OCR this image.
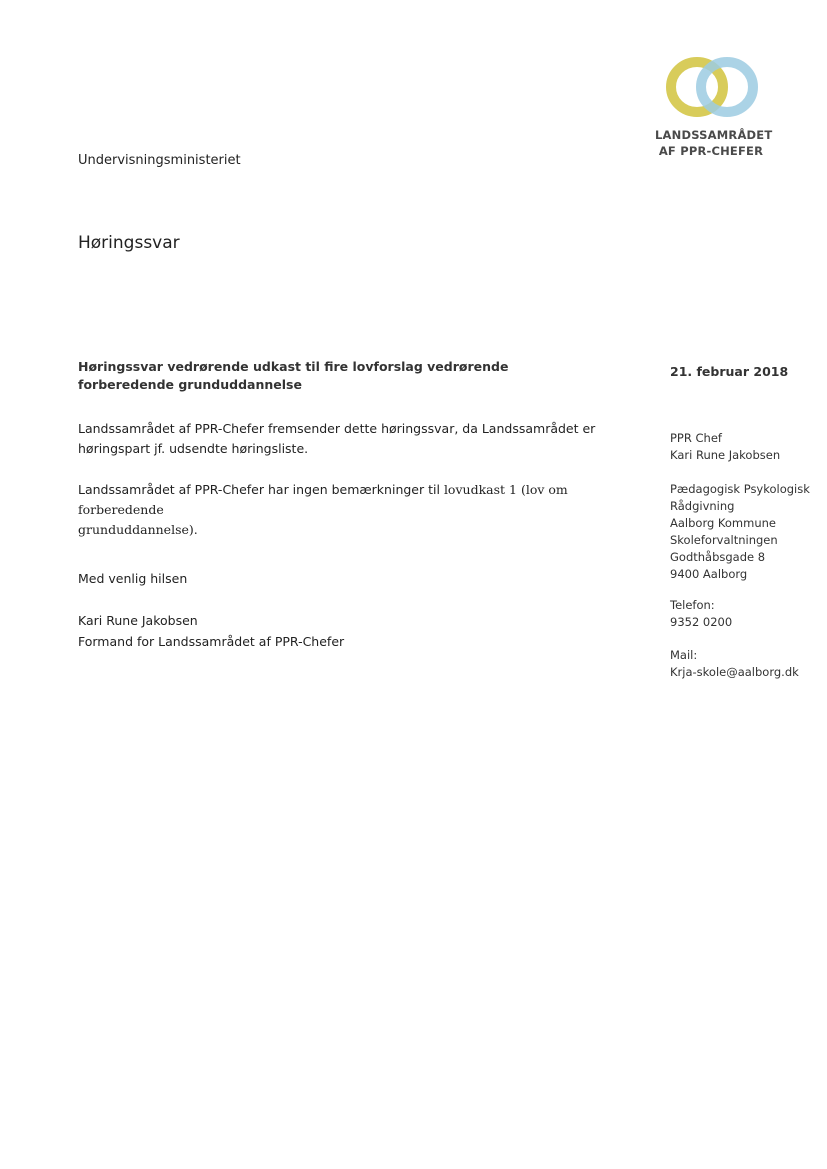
LANDSSAMRÅDET
AF PPR-CHEFER
Undervisningsministeriet
Høringssvar
Høringssvar vedrørende udkast til fire lovforslag vedrørende forberedende grunduddannelse
21. februar 2018
Landssamrådet af PPR-Chefer fremsender dette høringssvar, da Landssamrådet er
høringspart jf. udsendte høringsliste.
Landssamrådet af PPR-Chefer har ingen bemærkninger til lovudkast 1 (lov om forberedende
grunduddannelse).
Med venlig hilsen
Kari Rune Jakobsen
Formand for Landssamrådet af PPR-Chefer
PPR Chef
Kari Rune Jakobsen
Pædagogisk Psykologisk
Rådgivning
Aalborg Kommune
Skoleforvaltningen
Godthåbsgade 8
9400 Aalborg
Telefon:
9352 0200
Mail:
Krja-skole@aalborg.dk
